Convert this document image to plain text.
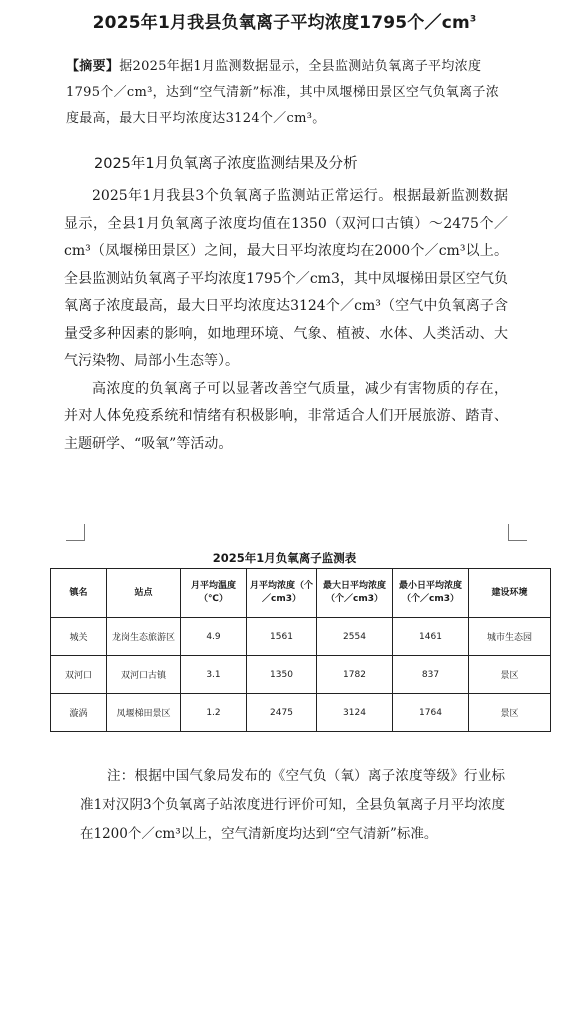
2025年1月我县负氧离子平均浓度1795个$/cm^3$
【摘要】据2025年据1月监测数据显示，全县监测站负氧离子平均浓度1795个／cm³，达到“空气清新”标准，其中凤堰梯田景区空气负氧离子浓度最高，最大日平均浓度达3124个／cm³。
2025年1月负氧离子浓度监测结果及分析

2025年1月我县3个负氧离子监测站正常运行。根据最新监测数据显示，全县1月负氧离子浓度均值在1350（双河口古镇）～2475个／cm³（凤堰梯田景区）之间，最大日平均浓度均在2000个／cm³以上。全县监测站负氧离子平均浓度1795个／cm3，其中凤堰梯田景区空气负氧离子浓度最高，最大日平均浓度达3124个／cm³（空气中负氧离子含量受多种因素的影响，如地理环境、气象、植被、水体、人类活动、大气污染物、局部小生态等）。

高浓度的负氧离子可以显著改善空气质量，减少有害物质的存在，并对人体免疫系统和情绪有积极影响，非常适合人们开展旅游、踏青、主题研学、“吸氧”等活动。

2025年1月负氧离子监测表
镇名	站点	月平均温度（℃）	月平均浓度（个／cm3）	最大日平均浓度（个／cm3）	最小日平均浓度（个／cm3）	建设环境
城关	龙岗生态旅游区	4.9	1561	2554	1461	城市生态园
双河口	双河口古镇	3.1	1350	1782	837	景区
漩涡	凤堰梯田景区	1.2	2475	3124	1764	景区

注：根据中国气象局发布的《空气负（氧）离子浓度等级》行业标准1对汉阴3个负氧离子站浓度进行评价可知，全县负氧离子月平均浓度在1200个／cm³以上，空气清新度均达到“空气清新”标准。
